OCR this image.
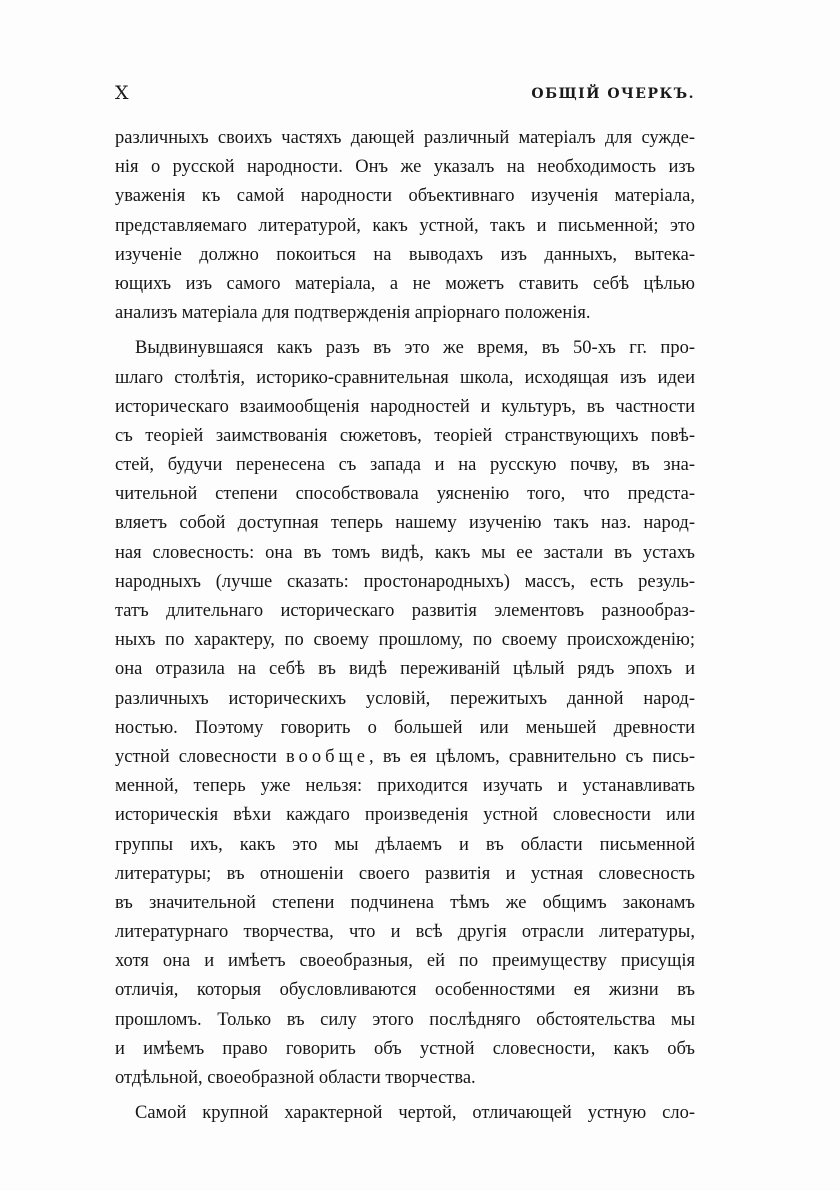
X	ОБЩІЙ ОЧЕРКЪ.
различныхъ своихъ частяхъ дающей различный матеріалъ для сужде-
нія о русской народности. Онъ же указалъ на необходимость изъ
уваженія къ самой народности объективнаго изученія матеріала,
представляемаго литературой, какъ устной, такъ и письменной; это
изученіе должно покоиться на выводахъ изъ данныхъ, вытека-
ющихъ изъ самого матеріала, а не можетъ ставить себѣ цѣлью
анализъ матеріала для подтвержденія апріорнаго положенія.
Выдвинувшаяся какъ разъ въ это же время, въ 50-хъ гг. про-
шлаго столѣтія, историко-сравнительная школа, исходящая изъ идеи
историческаго взаимообщенія народностей и культуръ, въ частности
съ теоріей заимствованія сюжетовъ, теоріей странствующихъ повѣ-
стей, будучи перенесена съ запада и на русскую почву, въ зна-
чительной степени способствовала уясненію того, что предста-
вляетъ собой доступная теперь нашему изученію такъ наз. народ-
ная словесность: она въ томъ видѣ, какъ мы ее застали въ устахъ
народныхъ (лучше сказать: простонародныхъ) массъ, есть резуль-
татъ длительнаго историческаго развитія элементовъ разнообраз-
ныхъ по характеру, по своему прошлому, по своему происхожденію;
она отразила на себѣ въ видѣ переживаній цѣлый рядъ эпохъ и
различныхъ историческихъ условій, пережитыхъ данной народ-
ностью. Поэтому говорить о большей или меньшей древности
устной словесности вообще, въ ея цѣломъ, сравнительно съ пись-
менной, теперь уже нельзя: приходится изучать и устанавливать
историческія вѣхи каждаго произведенія устной словесности или
группы ихъ, какъ это мы дѣлаемъ и въ области письменной
литературы; въ отношеніи своего развитія и устная словесность
въ значительной степени подчинена тѣмъ же общимъ законамъ
литературнаго творчества, что и всѣ другія отрасли литературы,
хотя она и имѣетъ своеобразныя, ей по преимуществу присущія
отличія, которыя обусловливаются особенностями ея жизни въ
прошломъ. Только въ силу этого послѣдняго обстоятельства мы
и имѣемъ право говорить объ устной словесности, какъ объ
отдѣльной, своеобразной области творчества.
Самой крупной характерной чертой, отличающей устную сло-
